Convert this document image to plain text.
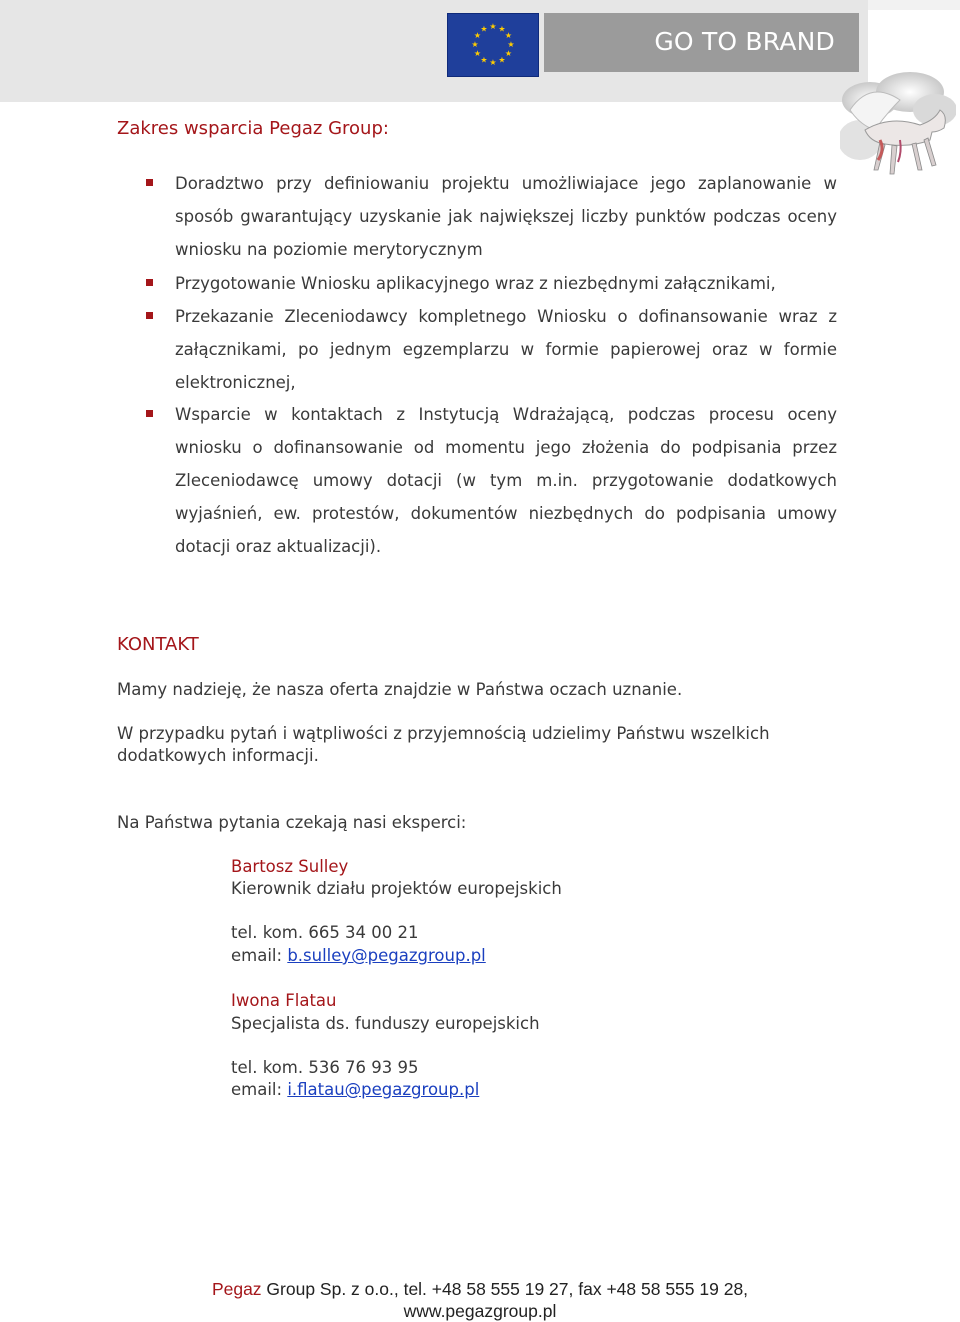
★ ★
★
★
★
★
★
★
★
★
★
★	GO TO BRAND
Zakres wsparcia Pegaz Group:
Doradztwo przy definiowaniu projektu umożliwiajace jego zaplanowanie w sposób gwarantujący uzyskanie jak największej liczby punktów podczas oceny wniosku na poziomie merytorycznym
Przygotowanie Wniosku aplikacyjnego wraz z niezbędnymi załącznikami,
Przekazanie Zleceniodawcy kompletnego Wniosku o dofinansowanie wraz z załącznikami, po jednym egzemplarzu w formie papierowej oraz w formie elektronicznej,
Wsparcie w kontaktach z Instytucją Wdrażającą, podczas procesu oceny wniosku o dofinansowanie od momentu jego złożenia do podpisania przez Zleceniodawcę umowy dotacji (w tym m.in. przygotowanie dodatkowych wyjaśnień, ew. protestów, dokumentów niezbędnych do podpisania umowy dotacji oraz aktualizacji).
KONTAKT
Mamy nadzieję, że nasza oferta znajdzie w Państwa oczach uznanie.
W przypadku pytań i wątpliwości z przyjemnością udzielimy Państwu wszelkich dodatkowych informacji.
Na Państwa pytania czekają nasi eksperci:
Bartosz Sulley
Kierownik działu projektów europejskich
tel. kom. 665 34 00 21
email: b.sulley@pegazgroup.pl
Iwona Flatau
Specjalista ds. funduszy europejskich
tel. kom. 536 76 93 95
email: i.flatau@pegazgroup.pl
Pegaz Group Sp. z o.o., tel. +48 58 555 19 27, fax +48 58 555 19 28,
www.pegazgroup.pl
